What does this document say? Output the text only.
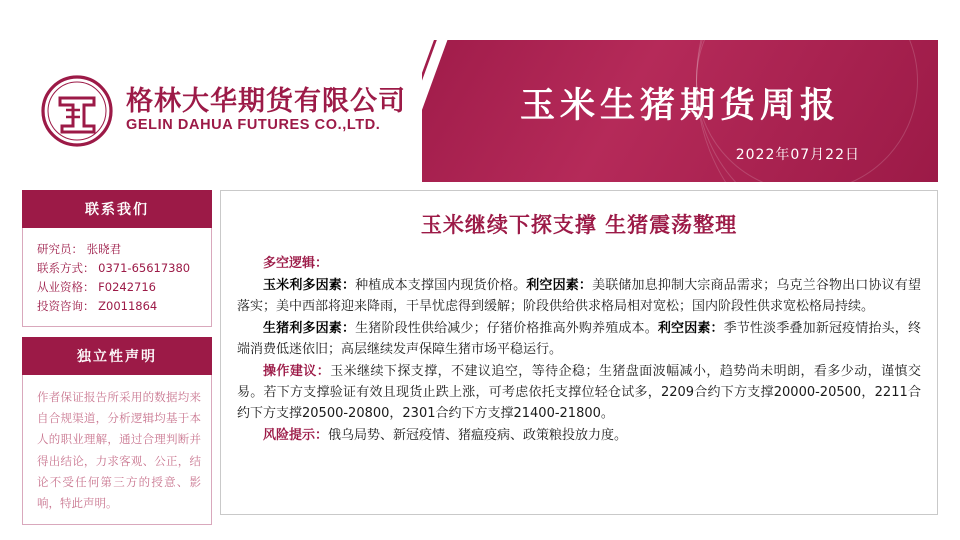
格林大华期货有限公司 GELIN DAHUA FUTURES CO.,LTD.	玉米生猪期货周报
2022年07月22日
联系我们
研究员： 张晓君
联系方式： 0371-65617380
从业资格： F0242716
投资咨询： Z0011864
独立性声明
作者保证报告所采用的数据均来自合规渠道，分析逻辑均基于本人的职业理解，通过合理判断并得出结论，力求客观、公正，结论不受任何第三方的授意、影响，特此声明。
玉米继续下探支撑 生猪震荡整理

多空逻辑：

玉米利多因素：种植成本支撑国内现货价格。利空因素：美联储加息抑制大宗商品需求；乌克兰谷物出口协议有望落实；美中西部将迎来降雨，干旱忧虑得到缓解；阶段供给供求格局相对宽松；国内阶段性供求宽松格局持续。

生猪利多因素：生猪阶段性供给减少；仔猪价格推高外购养殖成本。利空因素：季节性淡季叠加新冠疫情抬头，终端消费低迷依旧；高层继续发声保障生猪市场平稳运行。

操作建议：玉米继续下探支撑，不建议追空，等待企稳；生猪盘面波幅减小，趋势尚未明朗，看多少动，谨慎交易。若下方支撑验证有效且现货止跌上涨，可考虑依托支撑位轻仓试多，2209合约下方支撑20000-20500，2211合约下方支撑20500-20800，2301合约下方支撑21400-21800。

风险提示：俄乌局势、新冠疫情、猪瘟疫病、政策粮投放力度。
